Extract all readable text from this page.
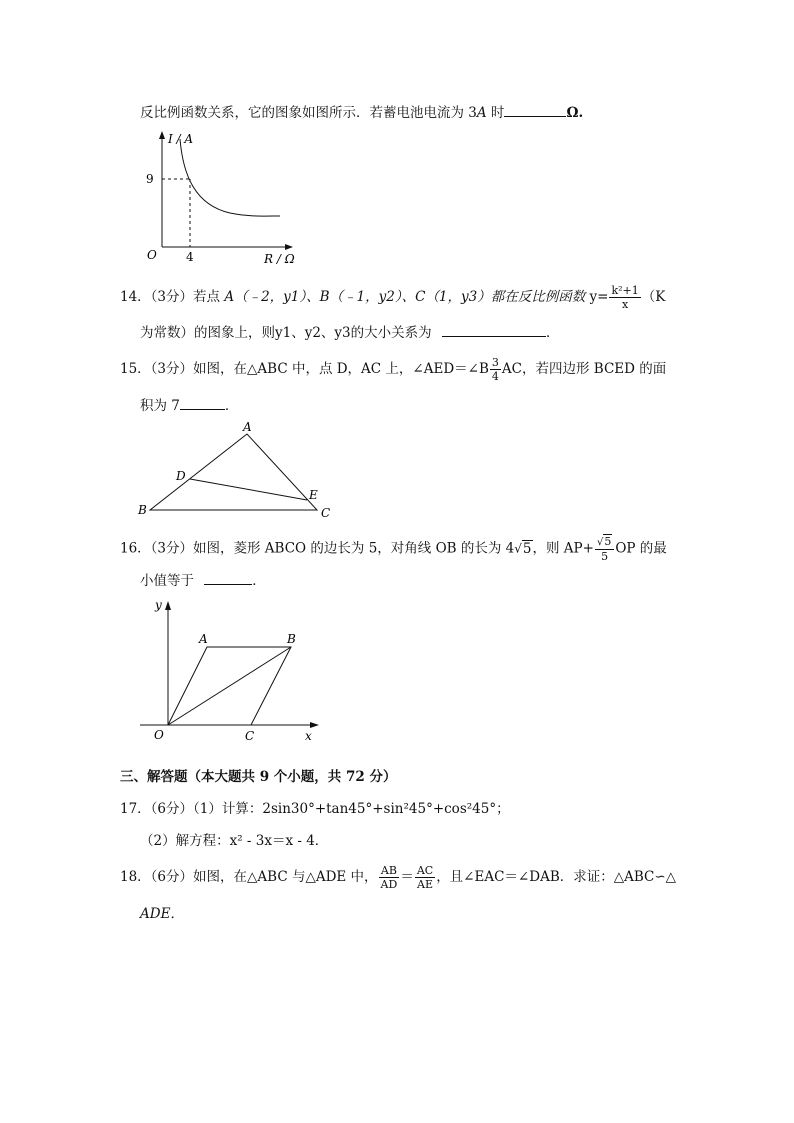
反比例函数关系，它的图象如图所示．若蓄电池电流为 3A 时	Ω.
I / A
9
4
O	R / Ω
14．（3分）若点 A（﹣2，y1）、B（﹣1，y2）、C（1，y3）都在反比例函数 $y= \frac{\text{k²+1}}{x} (K$
为常数）的图象上，则y1、y2、y3的大小关系为	．
15．（3分）如图，在△ABC 中，点 D，AC 上，∠AED＝∠B $\frac{3}{4}$ AC，若四边形 BCED 的面
积为 7	．
A
B	C
D
E
16．（3分）如图，菱形 ABCO 的边长为 5，对角线 OB 的长为 4√5，则 $AP+ \frac{√5}{5}$ OP 的最
小值等于	．
y
x
O
A	B
C
三、解答题（本大题共 9 个小题，共 72 分）
17．（6分）（1）计算：2sin30°+tan45°+sin²45°+cos²45°；
（2）解方程：x² - 3x＝x - 4．
18．（6分）如图，在△ABC 与△ADE 中， $\frac{AB}{AD} = \frac{AC}{AE}$ ，且∠EAC＝∠DAB．求证：△ABC∽△
ADE．
